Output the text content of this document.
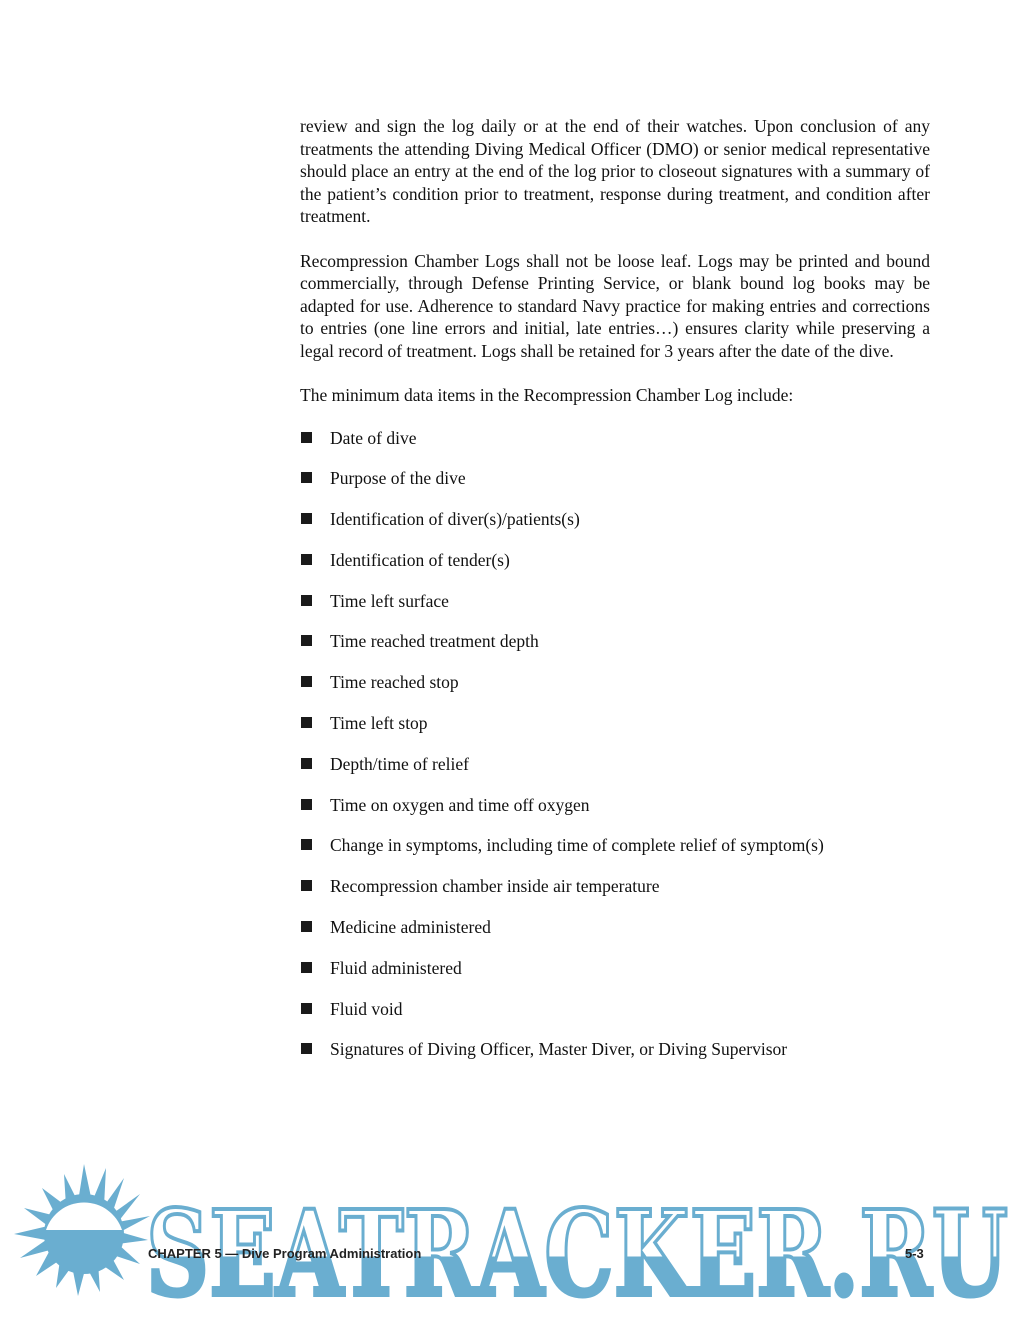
review and sign the log daily or at the end of their watches. Upon conclusion of any treatments the attending Diving Medical Officer (DMO) or senior medical representative should place an entry at the end of the log prior to closeout signatures with a summary of the patient’s condition prior to treatment, response during treatment, and condition after treatment.

Recompression Chamber Logs shall not be loose leaf. Logs may be printed and bound commercially, through Defense Printing Service, or blank bound log books may be adapted for use. Adherence to standard Navy practice for making entries and corrections to entries (one line errors and initial, late entries…) ensures clarity while preserving a legal record of treatment. Logs shall be retained for 3 years after the date of the dive.

The minimum data items in the Recompression Chamber Log include:

Date of dive
Purpose of the dive
Identification of diver(s)/patients(s)
Identification of tender(s)
Time left surface
Time reached treatment depth
Time reached stop
Time left stop
Depth/time of relief
Time on oxygen and time off oxygen
Change in symptoms, including time of complete relief of symptom(s)
Recompression chamber inside air temperature
Medicine administered
Fluid administered
Fluid void
Signatures of Diving Officer, Master Diver, or Diving Supervisor
SEATRACKER.RU
CHAPTER 5 — Dive Program Administration	5-3
